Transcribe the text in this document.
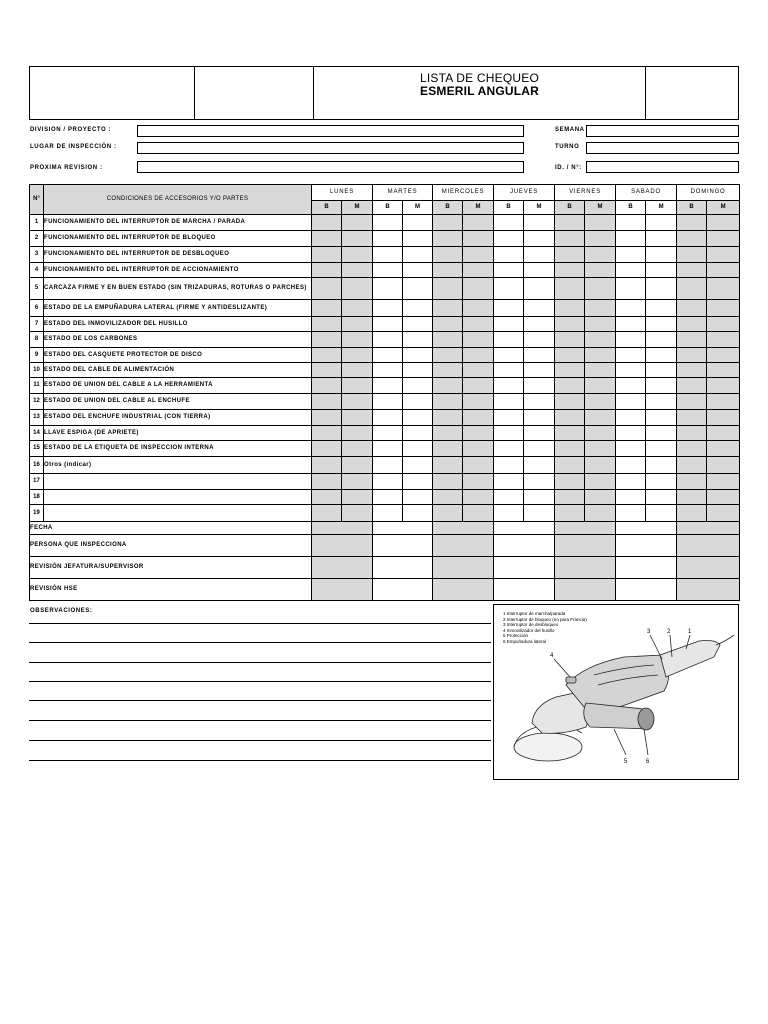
LISTA DE CHEQUEO
ESMERIL ANGULAR
DIVISION / PROYECTO :
LUGAR DE INSPECCIÓN :
PROXIMA REVISION :
SEMANA
TURNO
ID. / N°:
N°	CONDICIONES DE ACCESORIOS Y/O PARTES	LUNES		MARTES		MIERCOLES		JUEVES		VIERNES		SABADO		DOMINGO	
		B	M	B	M	B	M	B	M	B	M	B	M	B	M
1	FUNCIONAMIENTO DEL INTERRUPTOR DE MARCHA / PARADA														
2	FUNCIONAMIENTO DEL INTERRUPTOR DE BLOQUEO														
3	FUNCIONAMIENTO DEL INTERRUPTOR DE DESBLOQUEO														
4	FUNCIONAMIENTO DEL INTERRUPTOR DE ACCIONAMIENTO														
5	CARCAZA FIRME Y EN BUEN ESTADO (SIN TRIZADURAS, ROTURAS O PARCHES)														
6	ESTADO DE LA EMPUÑADURA LATERAL (FIRME Y ANTIDESLIZANTE)														
7	ESTADO DEL INMOVILIZADOR DEL HUSILLO														
8	ESTADO DE LOS CARBONES														
9	ESTADO DEL CASQUETE PROTECTOR DE DISCO														
10	ESTADO DEL CABLE DE ALIMENTACIÓN														
11	ESTADO DE UNION DEL CABLE A LA HERRAMIENTA														
12	ESTADO DE UNION DEL CABLE AL ENCHUFE														
13	ESTADO DEL ENCHUFE INDUSTRIAL (CON TIERRA)														
14	LLAVE ESPIGA (DE APRIETE)														
15	ESTADO DE LA ETIQUETA DE INSPECCION INTERNA														
16	Otros (indicar)														
17															
18															
19															
FECHA															
PERSONA QUE INSPECCIONA															
REVISIÓN JEFATURA/SUPERVISOR															
REVISIÓN HSE															
OBSERVACIONES:
3	2	1
4
5	6
1 Interruptor de marcha/parada
2 Interruptor de bloqueo (no para Francia)
3 Interruptor de desbloqueo
4 Inmovilizador del husillo
5 Protección
6 Empuñadura lateral
